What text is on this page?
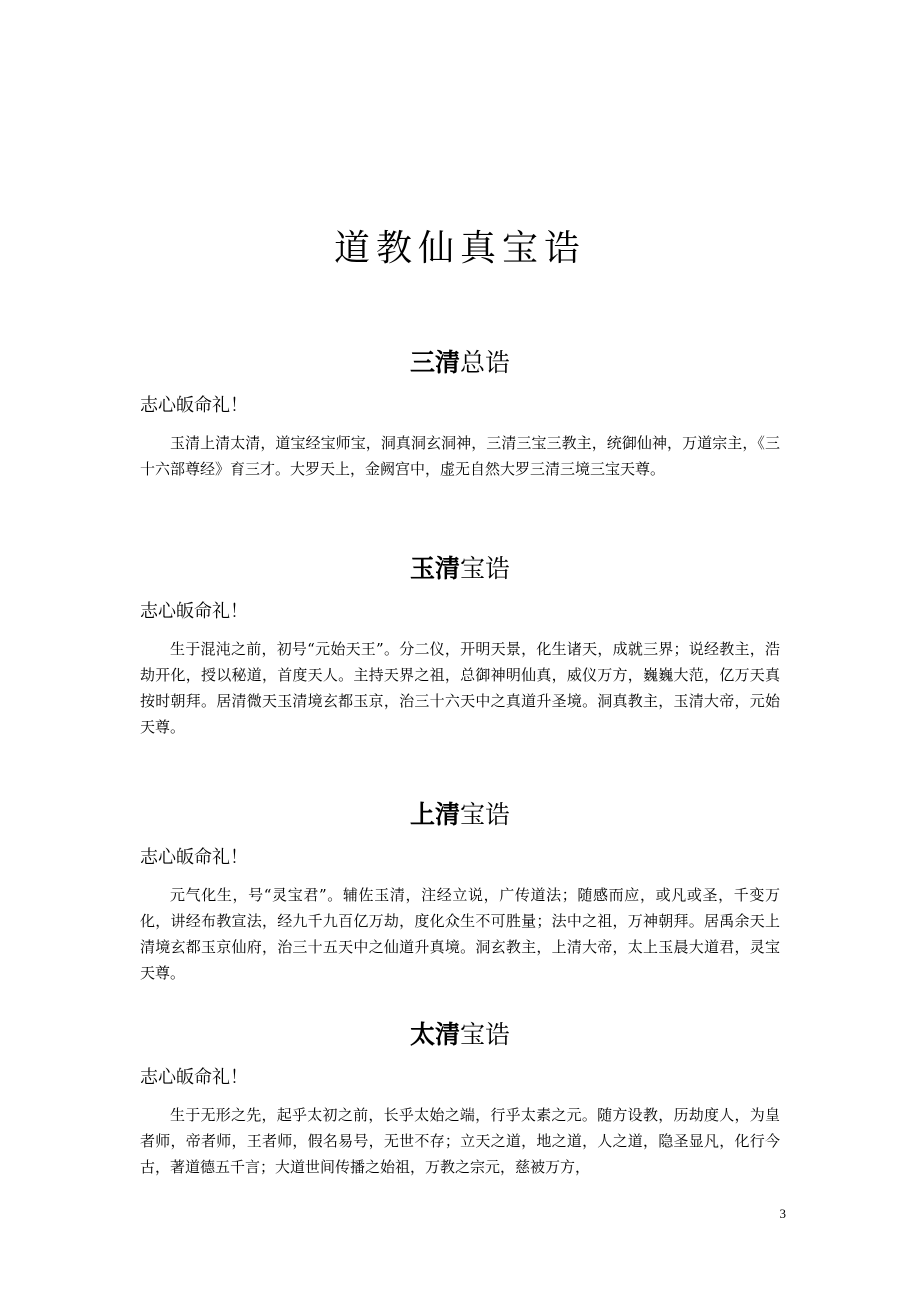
道教仙真宝诰
三清总诰
志心皈命礼！

玉清上清太清，道宝经宝师宝，洞真洞玄洞神，三清三宝三教主，统御仙神，万道宗主，《三十六部尊经》育三才。大罗天上，金阙宫中，虚无自然大罗三清三境三宝天尊。

玉清宝诰
志心皈命礼！

生于混沌之前，初号“元始天王”。分二仪，开明天景，化生诸天，成就三界；说经教主，浩劫开化，授以秘道，首度天人。主持天界之祖，总御神明仙真，威仪万方，巍巍大范，亿万天真按时朝拜。居清微天玉清境玄都玉京，治三十六天中之真道升圣境。洞真教主，玉清大帝，元始天尊。

上清宝诰
志心皈命礼！

元气化生，号“灵宝君”。辅佐玉清，注经立说，广传道法；随感而应，或凡或圣，千变万化，讲经布教宣法，经九千九百亿万劫，度化众生不可胜量；法中之祖，万神朝拜。居禹余天上清境玄都玉京仙府，治三十五天中之仙道升真境。洞玄教主，上清大帝，太上玉晨大道君，灵宝天尊。

太清宝诰
志心皈命礼！

生于无形之先，起乎太初之前，长乎太始之端，行乎太素之元。随方设教，历劫度人，为皇者师，帝者师，王者师，假名易号，无世不存；立天之道，地之道，人之道，隐圣显凡，化行今古，著道德五千言；大道世间传播之始祖，万教之宗元，慈被万方，

3
